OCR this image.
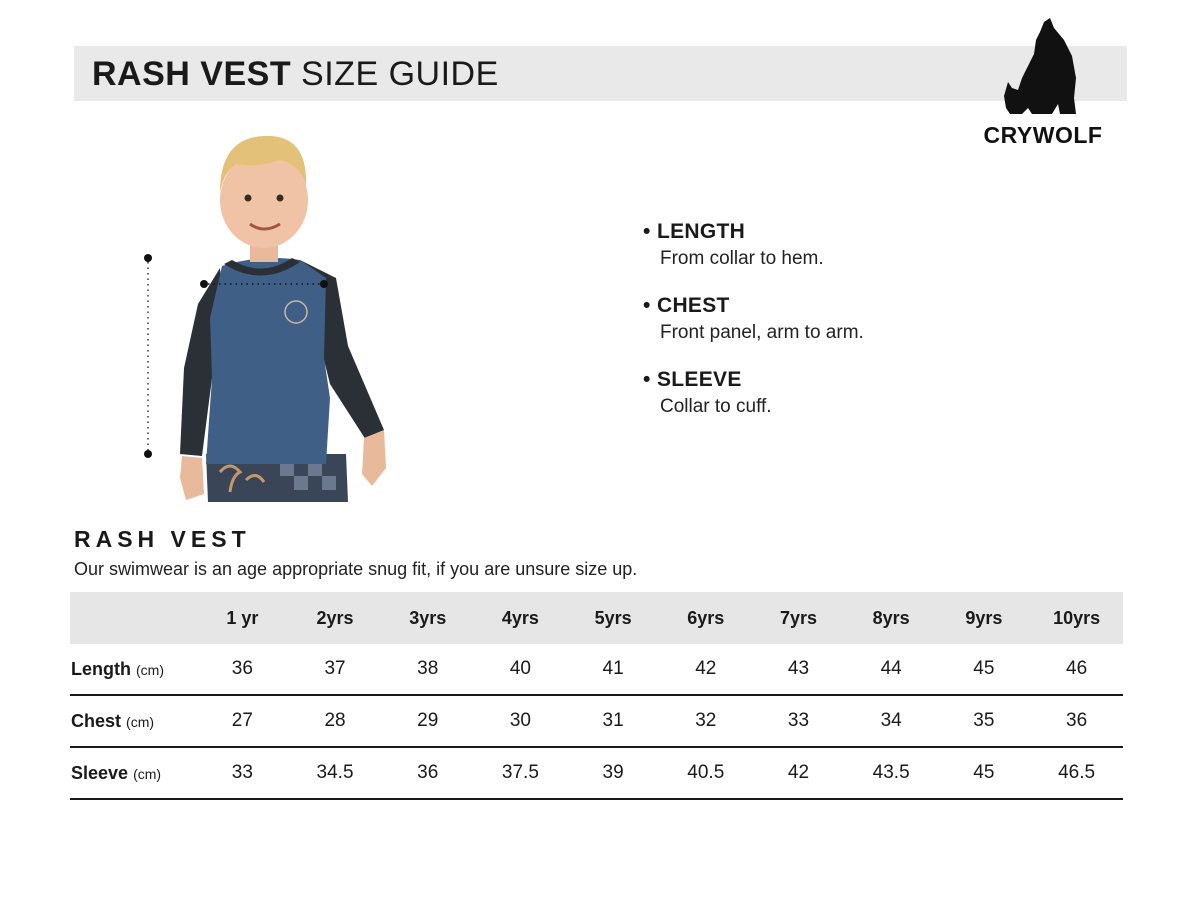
RASH VEST SIZE GUIDE
CRYWOLF
• LENGTH
From collar to hem.
• CHEST
Front panel, arm to arm.
• SLEEVE
Collar to cuff.
RASH VEST
Our swimwear is an age appropriate snug fit, if you are unsure size up.
	1 yr	2yrs	3yrs	4yrs	5yrs	6yrs	7yrs	8yrs	9yrs	10yrs
Length (cm)	36	37	38	40	41	42	43	44	45	46
Chest (cm)	27	28	29	30	31	32	33	34	35	36
Sleeve (cm)	33	34.5	36	37.5	39	40.5	42	43.5	45	46.5
